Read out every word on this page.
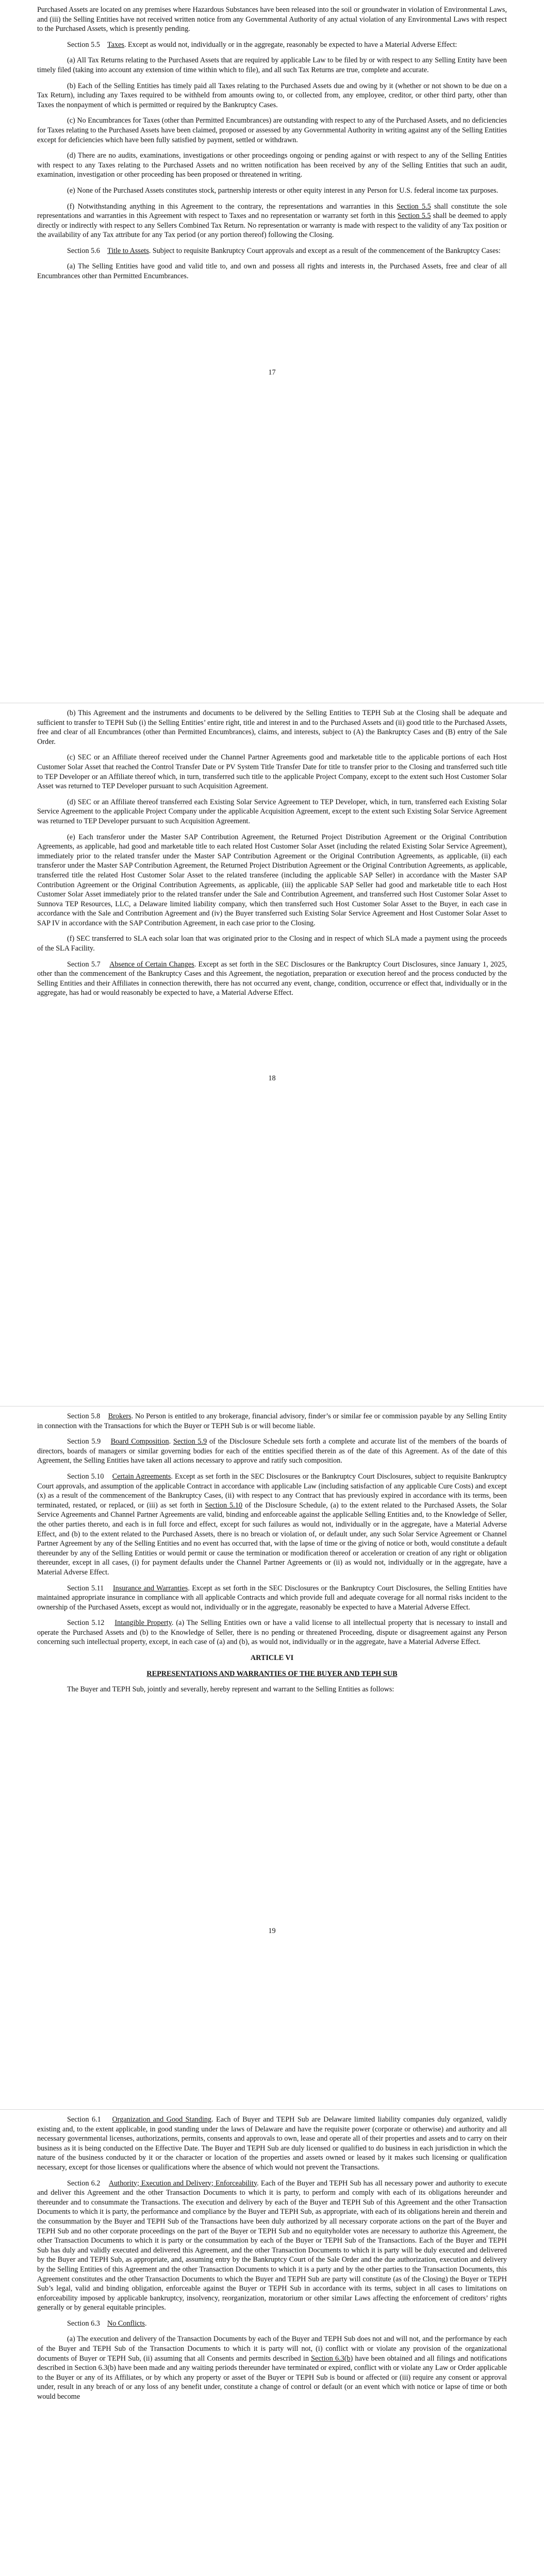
Purchased Assets are located on any premises where Hazardous Substances have been released into the soil or groundwater in violation of Environmental Laws, and (iii) the Selling Entities have not received written notice from any Governmental Authority of any actual violation of any Environmental Laws with respect to the Purchased Assets, which is presently pending.

Section 5.5 Taxes. Except as would not, individually or in the aggregate, reasonably be expected to have a Material Adverse Effect:

(a) All Tax Returns relating to the Purchased Assets that are required by applicable Law to be filed by or with respect to any Selling Entity have been timely filed (taking into account any extension of time within which to file), and all such Tax Returns are true, complete and accurate.

(b) Each of the Selling Entities has timely paid all Taxes relating to the Purchased Assets due and owing by it (whether or not shown to be due on a Tax Return), including any Taxes required to be withheld from amounts owing to, or collected from, any employee, creditor, or other third party, other than Taxes the nonpayment of which is permitted or required by the Bankruptcy Cases.

(c) No Encumbrances for Taxes (other than Permitted Encumbrances) are outstanding with respect to any of the Purchased Assets, and no deficiencies for Taxes relating to the Purchased Assets have been claimed, proposed or assessed by any Governmental Authority in writing against any of the Selling Entities except for deficiencies which have been fully satisfied by payment, settled or withdrawn.

(d) There are no audits, examinations, investigations or other proceedings ongoing or pending against or with respect to any of the Selling Entities with respect to any Taxes relating to the Purchased Assets and no written notification has been received by any of the Selling Entities that such an audit, examination, investigation or other proceeding has been proposed or threatened in writing.

(e) None of the Purchased Assets constitutes stock, partnership interests or other equity interest in any Person for U.S. federal income tax purposes.

(f) Notwithstanding anything in this Agreement to the contrary, the representations and warranties in this Section 5.5 shall constitute the sole representations and warranties in this Agreement with respect to Taxes and no representation or warranty set forth in this Section 5.5 shall be deemed to apply directly or indirectly with respect to any Sellers Combined Tax Return. No representation or warranty is made with respect to the validity of any Tax position or the availability of any Tax attribute for any Tax period (or any portion thereof) following the Closing.

Section 5.6 Title to Assets. Subject to requisite Bankruptcy Court approvals and except as a result of the commencement of the Bankruptcy Cases:

(a) The Selling Entities have good and valid title to, and own and possess all rights and interests in, the Purchased Assets, free and clear of all Encumbrances other than Permitted Encumbrances.

17

(b) This Agreement and the instruments and documents to be delivered by the Selling Entities to TEPH Sub at the Closing shall be adequate and sufficient to transfer to TEPH Sub (i) the Selling Entities’ entire right, title and interest in and to the Purchased Assets and (ii) good title to the Purchased Assets, free and clear of all Encumbrances (other than Permitted Encumbrances), claims, and interests, subject to (A) the Bankruptcy Cases and (B) entry of the Sale Order.

(c) SEC or an Affiliate thereof received under the Channel Partner Agreements good and marketable title to the applicable portions of each Host Customer Solar Asset that reached the Control Transfer Date or PV System Title Transfer Date for title to transfer prior to the Closing and transferred such title to TEP Developer or an Affiliate thereof which, in turn, transferred such title to the applicable Project Company, except to the extent such Host Customer Solar Asset was returned to TEP Developer pursuant to such Acquisition Agreement.

(d) SEC or an Affiliate thereof transferred each Existing Solar Service Agreement to TEP Developer, which, in turn, transferred each Existing Solar Service Agreement to the applicable Project Company under the applicable Acquisition Agreement, except to the extent such Existing Solar Service Agreement was returned to TEP Developer pursuant to such Acquisition Agreement.

(e) Each transferor under the Master SAP Contribution Agreement, the Returned Project Distribution Agreement or the Original Contribution Agreements, as applicable, had good and marketable title to each related Host Customer Solar Asset (including the related Existing Solar Service Agreement), immediately prior to the related transfer under the Master SAP Contribution Agreement or the Original Contribution Agreements, as applicable, (ii) each transferor under the Master SAP Contribution Agreement, the Returned Project Distribution Agreement or the Original Contribution Agreements, as applicable, transferred title the related Host Customer Solar Asset to the related transferee (including the applicable SAP Seller) in accordance with the Master SAP Contribution Agreement or the Original Contribution Agreements, as applicable, (iii) the applicable SAP Seller had good and marketable title to each Host Customer Solar Asset immediately prior to the related transfer under the Sale and Contribution Agreement, and transferred such Host Customer Solar Asset to Sunnova TEP Resources, LLC, a Delaware limited liability company, which then transferred such Host Customer Solar Asset to the Buyer, in each case in accordance with the Sale and Contribution Agreement and (iv) the Buyer transferred such Existing Solar Service Agreement and Host Customer Solar Asset to SAP IV in accordance with the SAP Contribution Agreement, in each case prior to the Closing.

(f) SEC transferred to SLA each solar loan that was originated prior to the Closing and in respect of which SLA made a payment using the proceeds of the SLA Facility.

Section 5.7 Absence of Certain Changes. Except as set forth in the SEC Disclosures or the Bankruptcy Court Disclosures, since January 1, 2025, other than the commencement of the Bankruptcy Cases and this Agreement, the negotiation, preparation or execution hereof and the process conducted by the Selling Entities and their Affiliates in connection therewith, there has not occurred any event, change, condition, occurrence or effect that, individually or in the aggregate, has had or would reasonably be expected to have, a Material Adverse Effect.

18

Section 5.8 Brokers. No Person is entitled to any brokerage, financial advisory, finder’s or similar fee or commission payable by any Selling Entity in connection with the Transactions for which the Buyer or TEPH Sub is or will become liable.

Section 5.9 Board Composition. Section 5.9 of the Disclosure Schedule sets forth a complete and accurate list of the members of the boards of directors, boards of managers or similar governing bodies for each of the entities specified therein as of the date of this Agreement. As of the date of this Agreement, the Selling Entities have taken all actions necessary to approve and ratify such composition.

Section 5.10 Certain Agreements. Except as set forth in the SEC Disclosures or the Bankruptcy Court Disclosures, subject to requisite Bankruptcy Court approvals, and assumption of the applicable Contract in accordance with applicable Law (including satisfaction of any applicable Cure Costs) and except (x) as a result of the commencement of the Bankruptcy Cases, (ii) with respect to any Contract that has previously expired in accordance with its terms, been terminated, restated, or replaced, or (iii) as set forth in Section 5.10 of the Disclosure Schedule, (a) to the extent related to the Purchased Assets, the Solar Service Agreements and Channel Partner Agreements are valid, binding and enforceable against the applicable Selling Entities and, to the Knowledge of Seller, the other parties thereto, and each is in full force and effect, except for such failures as would not, individually or in the aggregate, have a Material Adverse Effect, and (b) to the extent related to the Purchased Assets, there is no breach or violation of, or default under, any such Solar Service Agreement or Channel Partner Agreement by any of the Selling Entities and no event has occurred that, with the lapse of time or the giving of notice or both, would constitute a default thereunder by any of the Selling Entities or would permit or cause the termination or modification thereof or acceleration or creation of any right or obligation thereunder, except in all cases, (i) for payment defaults under the Channel Partner Agreements or (ii) as would not, individually or in the aggregate, have a Material Adverse Effect.

Section 5.11 Insurance and Warranties. Except as set forth in the SEC Disclosures or the Bankruptcy Court Disclosures, the Selling Entities have maintained appropriate insurance in compliance with all applicable Contracts and which provide full and adequate coverage for all normal risks incident to the ownership of the Purchased Assets, except as would not, individually or in the aggregate, reasonably be expected to have a Material Adverse Effect.

Section 5.12 Intangible Property. (a) The Selling Entities own or have a valid license to all intellectual property that is necessary to install and operate the Purchased Assets and (b) to the Knowledge of Seller, there is no pending or threatened Proceeding, dispute or disagreement against any Person concerning such intellectual property, except, in each case of (a) and (b), as would not, individually or in the aggregate, have a Material Adverse Effect.

ARTICLE VI

REPRESENTATIONS AND WARRANTIES OF THE BUYER AND TEPH SUB

The Buyer and TEPH Sub, jointly and severally, hereby represent and warrant to the Selling Entities as follows:

19

Section 6.1 Organization and Good Standing. Each of Buyer and TEPH Sub are Delaware limited liability companies duly organized, validly existing and, to the extent applicable, in good standing under the laws of Delaware and have the requisite power (corporate or otherwise) and authority and all necessary governmental licenses, authorizations, permits, consents and approvals to own, lease and operate all of their properties and assets and to carry on their business as it is being conducted on the Effective Date. The Buyer and TEPH Sub are duly licensed or qualified to do business in each jurisdiction in which the nature of the business conducted by it or the character or location of the properties and assets owned or leased by it makes such licensing or qualification necessary, except for those licenses or qualifications where the absence of which would not prevent the Transactions.

Section 6.2 Authority; Execution and Delivery; Enforceability. Each of the Buyer and TEPH Sub has all necessary power and authority to execute and deliver this Agreement and the other Transaction Documents to which it is party, to perform and comply with each of its obligations hereunder and thereunder and to consummate the Transactions. The execution and delivery by each of the Buyer and TEPH Sub of this Agreement and the other Transaction Documents to which it is party, the performance and compliance by the Buyer and TEPH Sub, as appropriate, with each of its obligations herein and therein and the consummation by the Buyer and TEPH Sub of the Transactions have been duly authorized by all necessary corporate actions on the part of the Buyer and TEPH Sub and no other corporate proceedings on the part of the Buyer or TEPH Sub and no equityholder votes are necessary to authorize this Agreement, the other Transaction Documents to which it is party or the consummation by each of the Buyer or TEPH Sub of the Transactions. Each of the Buyer and TEPH Sub has duly and validly executed and delivered this Agreement, and the other Transaction Documents to which it is party will be duly executed and delivered by the Buyer and TEPH Sub, as appropriate, and, assuming entry by the Bankruptcy Court of the Sale Order and the due authorization, execution and delivery by the Selling Entities of this Agreement and the other Transaction Documents to which it is a party and by the other parties to the Transaction Documents, this Agreement constitutes and the other Transaction Documents to which the Buyer and TEPH Sub are party will constitute (as of the Closing) the Buyer or TEPH Sub’s legal, valid and binding obligation, enforceable against the Buyer or TEPH Sub in accordance with its terms, subject in all cases to limitations on enforceability imposed by applicable bankruptcy, insolvency, reorganization, moratorium or other similar Laws affecting the enforcement of creditors’ rights generally or by general equitable principles.

Section 6.3 No Conflicts.

(a) The execution and delivery of the Transaction Documents by each of the Buyer and TEPH Sub does not and will not, and the performance by each of the Buyer and TEPH Sub of the Transaction Documents to which it is party will not, (i) conflict with or violate any provision of the organizational documents of Buyer or TEPH Sub, (ii) assuming that all Consents and permits described in Section 6.3(b) have been obtained and all filings and notifications described in Section 6.3(b) have been made and any waiting periods thereunder have terminated or expired, conflict with or violate any Law or Order applicable to the Buyer or any of its Affiliates, or by which any property or asset of the Buyer or TEPH Sub is bound or affected or (iii) require any consent or approval under, result in any breach of or any loss of any benefit under, constitute a change of control or default (or an event which with notice or lapse of time or both would become
